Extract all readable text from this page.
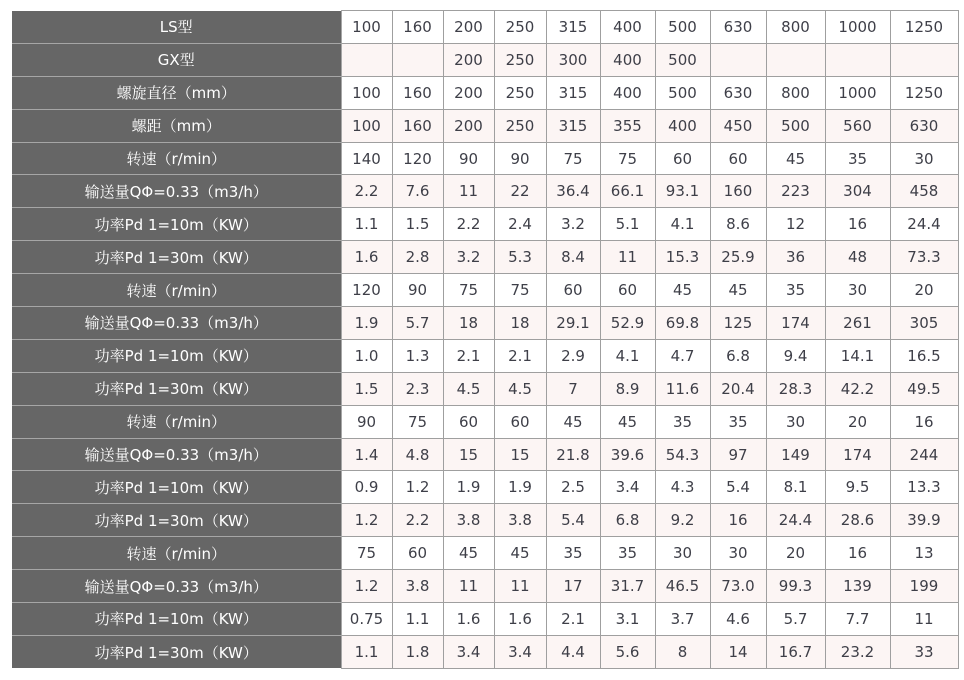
LS型	100	160	200	250	315	400	500	630	800	1000	1250
GX型			200	250	300	400	500				
螺旋直径（mm）	100	160	200	250	315	400	500	630	800	1000	1250
螺距（mm）	100	160	200	250	315	355	400	450	500	560	630
转速（r/min）	140	120	90	90	75	75	60	60	45	35	30
输送量QΦ=0.33（m3/h）	2.2	7.6	11	22	36.4	66.1	93.1	160	223	304	458
功率Pd 1=10m（KW）	1.1	1.5	2.2	2.4	3.2	5.1	4.1	8.6	12	16	24.4
功率Pd 1=30m（KW）	1.6	2.8	3.2	5.3	8.4	11	15.3	25.9	36	48	73.3
转速（r/min）	120	90	75	75	60	60	45	45	35	30	20
输送量QΦ=0.33（m3/h）	1.9	5.7	18	18	29.1	52.9	69.8	125	174	261	305
功率Pd 1=10m（KW）	1.0	1.3	2.1	2.1	2.9	4.1	4.7	6.8	9.4	14.1	16.5
功率Pd 1=30m（KW）	1.5	2.3	4.5	4.5	7	8.9	11.6	20.4	28.3	42.2	49.5
转速（r/min）	90	75	60	60	45	45	35	35	30	20	16
输送量QΦ=0.33（m3/h）	1.4	4.8	15	15	21.8	39.6	54.3	97	149	174	244
功率Pd 1=10m（KW）	0.9	1.2	1.9	1.9	2.5	3.4	4.3	5.4	8.1	9.5	13.3
功率Pd 1=30m（KW）	1.2	2.2	3.8	3.8	5.4	6.8	9.2	16	24.4	28.6	39.9
转速（r/min）	75	60	45	45	35	35	30	30	20	16	13
输送量QΦ=0.33（m3/h）	1.2	3.8	11	11	17	31.7	46.5	73.0	99.3	139	199
功率Pd 1=10m（KW）	0.75	1.1	1.6	1.6	2.1	3.1	3.7	4.6	5.7	7.7	11
功率Pd 1=30m（KW）	1.1	1.8	3.4	3.4	4.4	5.6	8	14	16.7	23.2	33
